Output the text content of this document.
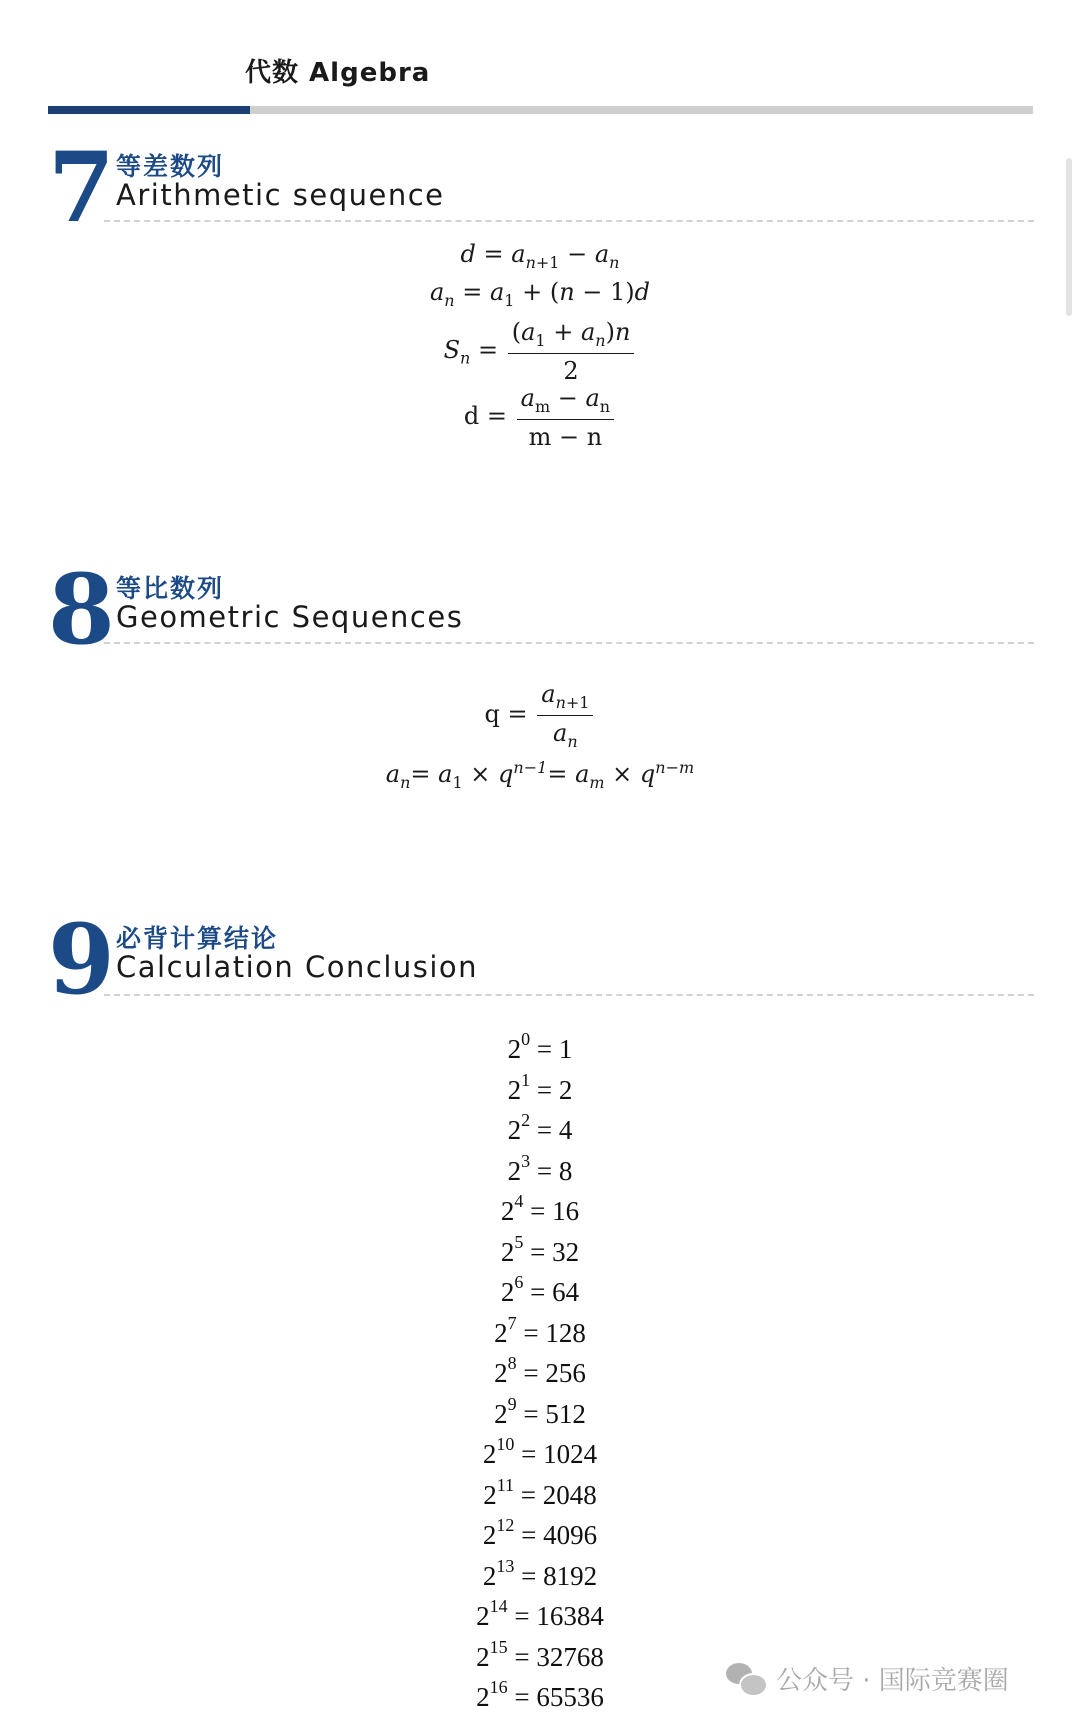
代数 Algebra
7 等差数列
Arithmetic sequence
$d = a_{n+1} - a_n$
$a_n = a_1 + (n - 1)d$
$S_n = \frac{(a_1 + a_n)n}{2}$
$d = \frac{a_m - a_n}{m - n}$
8 等比数列
Geometric Sequences
$q = \frac{a_{n+1}}{a_n}$
$a_n= a_1 \times q^{n-1}= a_m \times q^{n-m}$
9 必背计算结论
Calculation Conclusion
$2^0 = 1$
$2^1 = 2$
$2^2 = 4$
$2^3 = 8$
$2^4 = 16$
$2^5 = 32$
$2^6 = 64$
$2^7 = 128$
$2^8 = 256$
$2^9 = 512$
$2^{10} = 1024$
$2^{11} = 2048$
$2^{12} = 4096$
$2^{13} = 8192$
$2^{14} = 16384$
$2^{15} = 32768$
$2^{16} = 65536$
公众号 · 国际竞赛圈
